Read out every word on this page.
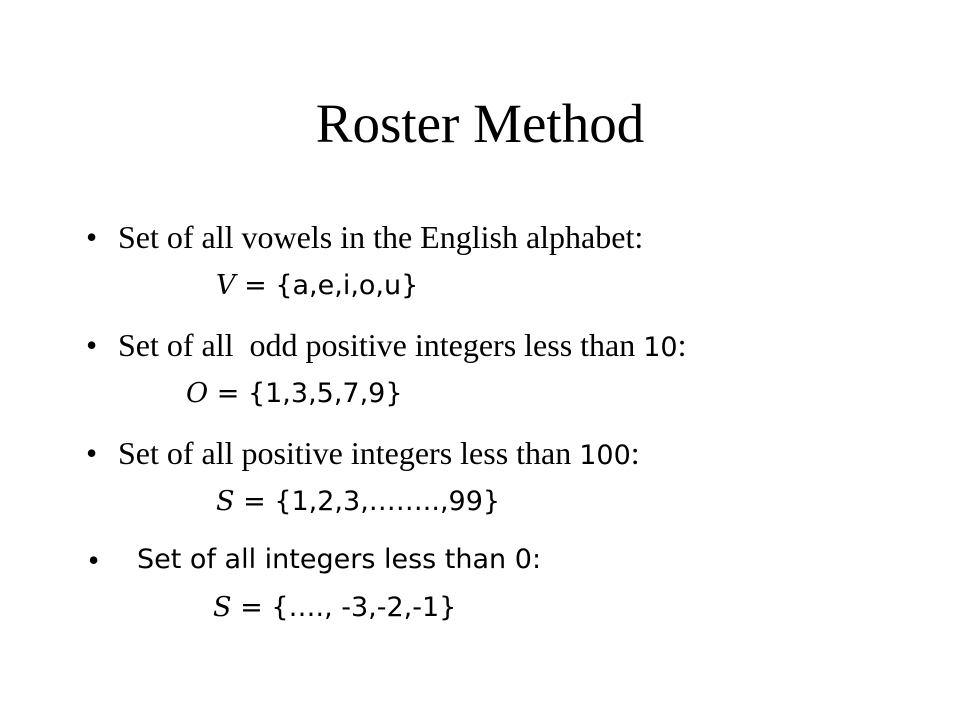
Roster Method
• Set of all vowels in the English alphabet:
V = {a,e,i,o,u}
• Set of all  odd positive integers less than 10:
O = {1,3,5,7,9}
• Set of all positive integers less than 100:
S = {1,2,3,……..,99}
• Set of all integers less than 0:
S = {…., -3,-2,-1}
